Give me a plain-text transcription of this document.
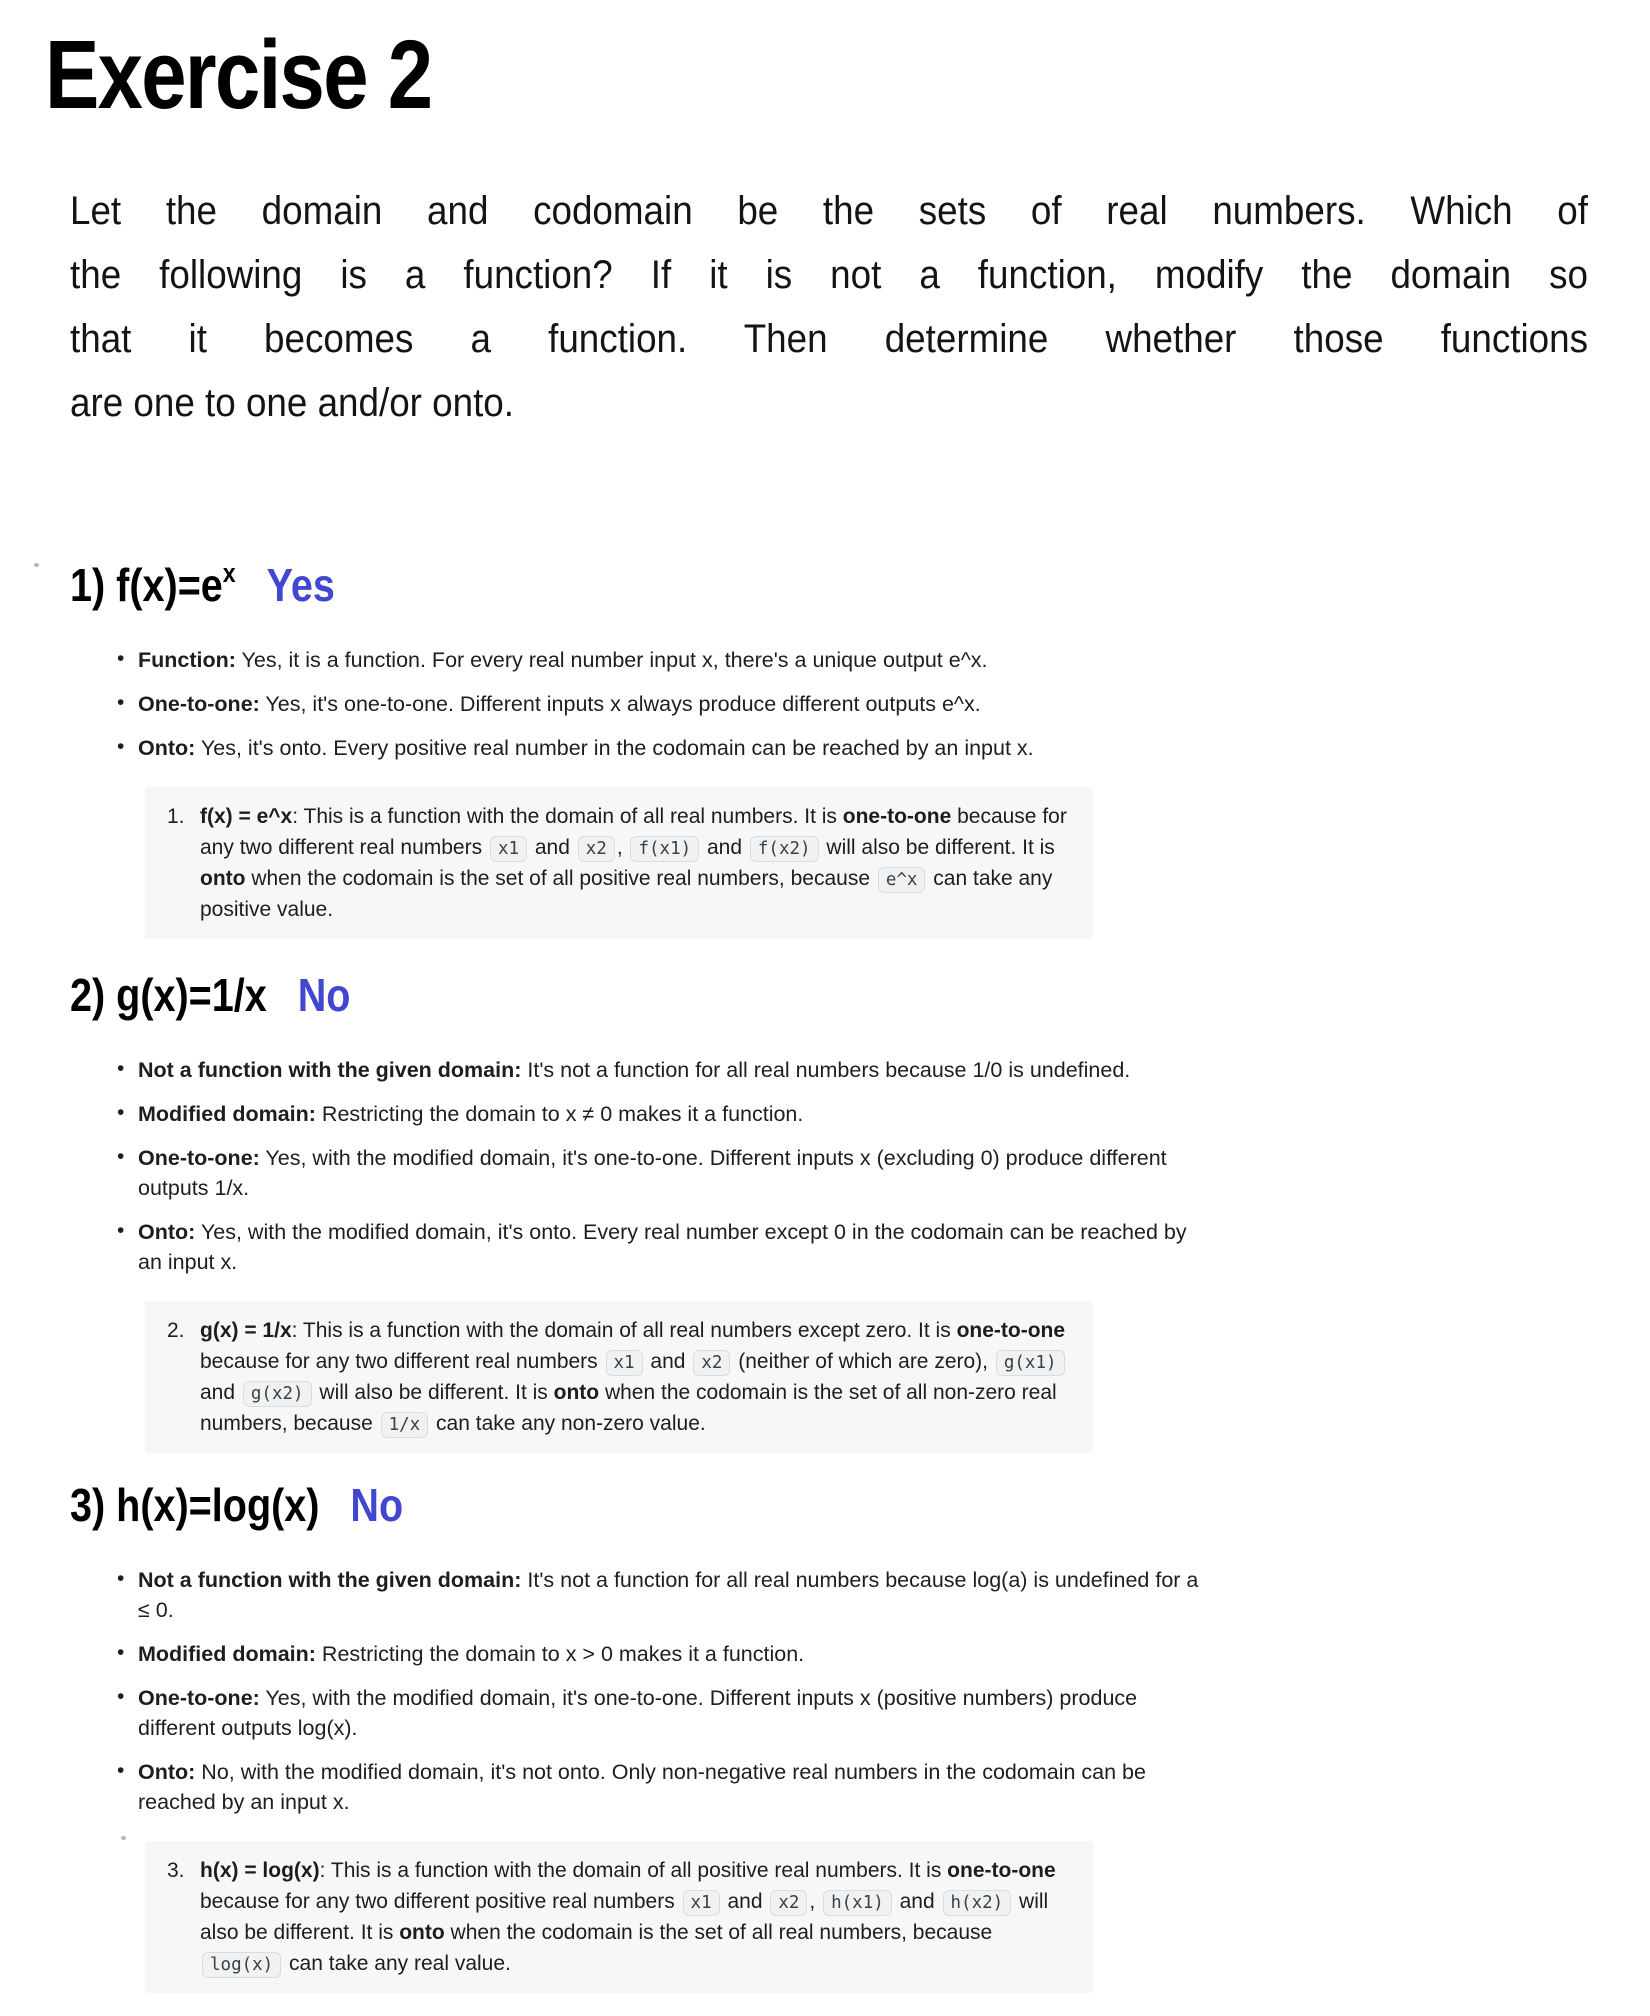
Exercise 2
Let the domain and codomain be the sets of real numbers. Which of
the following is a function? If it is not a function, modify the domain so
that it becomes a function. Then determine whether those functions
are one to one and/or onto.
1) $f(x)=e^x$ Yes
• Function: Yes, it is a function. For every real number input x, there's a unique output e^x.
• One-to-one: Yes, it's one-to-one. Different inputs x always produce different outputs e^x.
• Onto: Yes, it's onto. Every positive real number in the codomain can be reached by an input x.
1. f(x) = e^x: This is a function with the domain of all real numbers. It is one-to-one because for any two different real numbers x1 and x2 , f(x1) and f(x2) will also be different. It is onto when the codomain is the set of all positive real numbers, because e^x can take any positive value.
2) g(x)=1/x No
• Not a function with the given domain: It's not a function for all real numbers because 1/0 is undefined.
• Modified domain: Restricting the domain to x ≠ 0 makes it a function.
• One-to-one: Yes, with the modified domain, it's one-to-one. Different inputs x (excluding 0) produce different outputs 1/x.
• Onto: Yes, with the modified domain, it's onto. Every real number except 0 in the codomain can be reached by an input x.
2. g(x) = 1/x: This is a function with the domain of all real numbers except zero. It is one-to-one because for any two different real numbers x1 and x2 (neither of which are zero), g(x1) and g(x2) will also be different. It is onto when the codomain is the set of all non-zero real numbers, because 1/x can take any non-zero value.
3) h(x)=log(x) No
• Not a function with the given domain: It's not a function for all real numbers because log(a) is undefined for a ≤ 0.
• Modified domain: Restricting the domain to x > 0 makes it a function.
• One-to-one: Yes, with the modified domain, it's one-to-one. Different inputs x (positive numbers) produce different outputs log(x).
• Onto: No, with the modified domain, it's not onto. Only non-negative real numbers in the codomain can be reached by an input x.
3. h(x) = log(x): This is a function with the domain of all positive real numbers. It is one-to-one because for any two different positive real numbers x1 and x2 , h(x1) and h(x2) will also be different. It is onto when the codomain is the set of all real numbers, because log(x) can take any real value.
